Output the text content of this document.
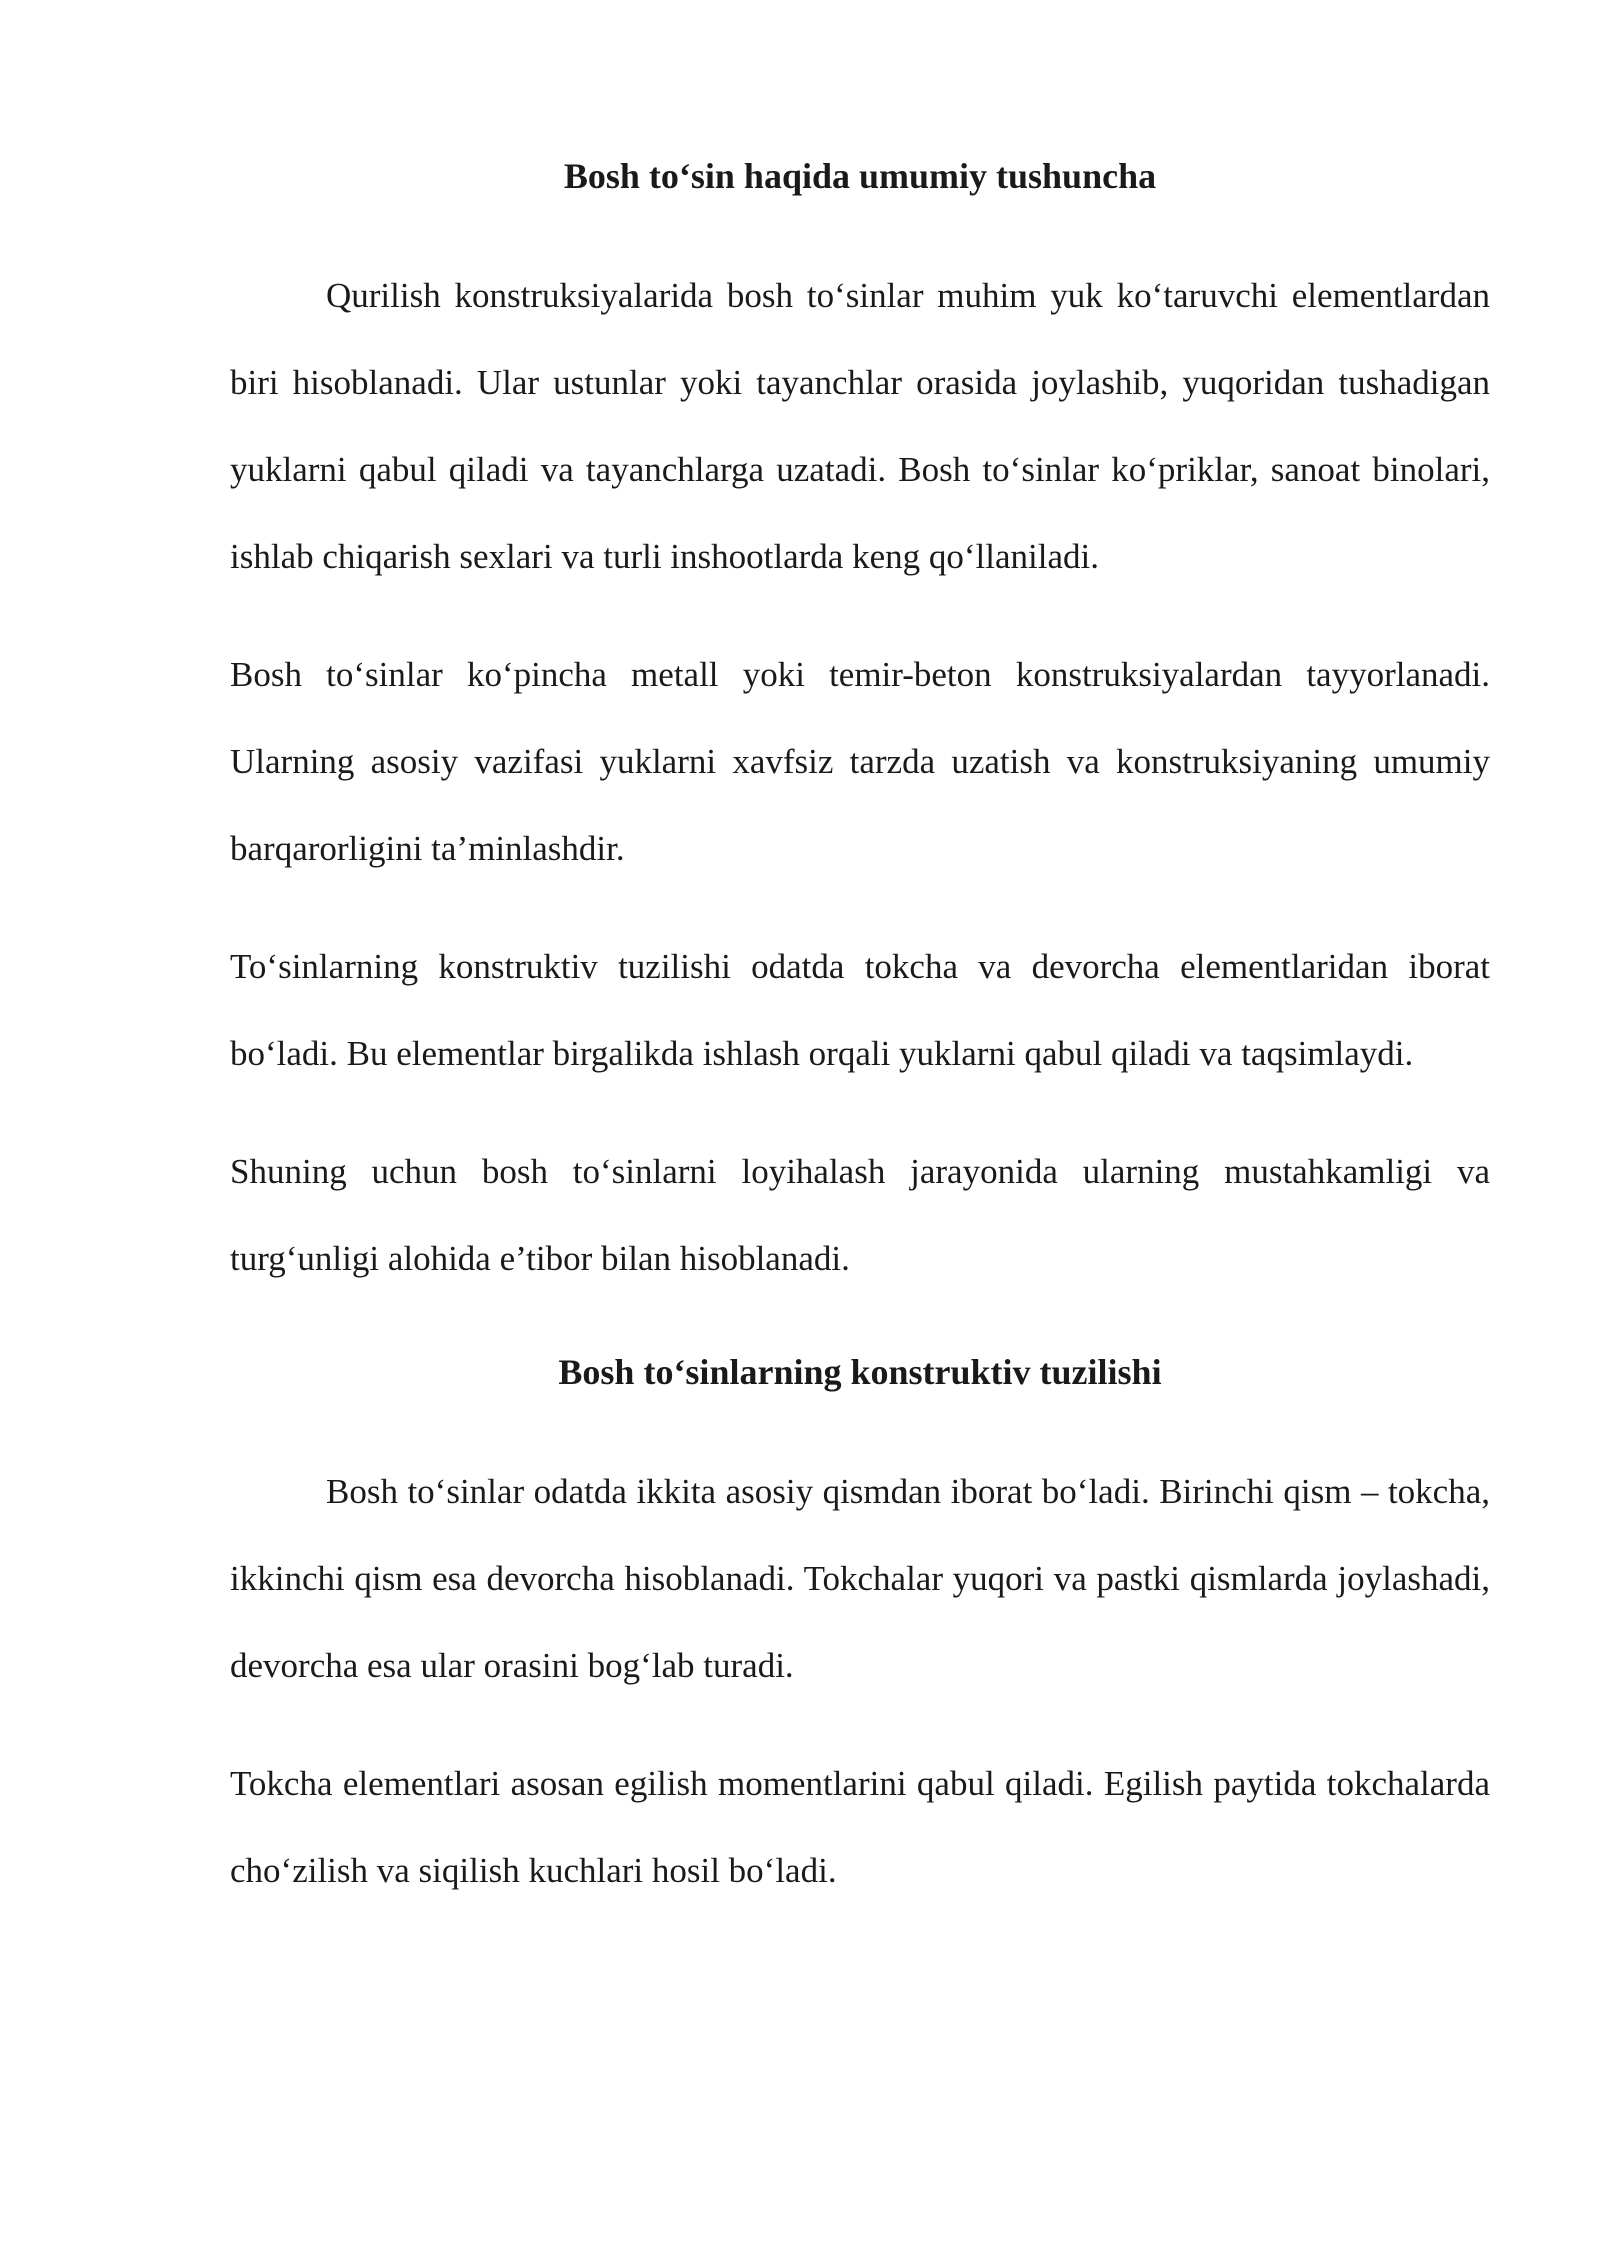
Bosh to‘sin haqida umumiy tushuncha

Qurilish konstruksiyalarida bosh to‘sinlar muhim yuk ko‘taruvchi elementlardan biri hisoblanadi. Ular ustunlar yoki tayanchlar orasida joylashib, yuqoridan tushadigan yuklarni qabul qiladi va tayanchlarga uzatadi. Bosh to‘sinlar ko‘priklar, sanoat binolari, ishlab chiqarish sexlari va turli inshootlarda keng qo‘llaniladi.

Bosh to‘sinlar ko‘pincha metall yoki temir-beton konstruksiyalardan tayyorlanadi. Ularning asosiy vazifasi yuklarni xavfsiz tarzda uzatish va konstruksiyaning umumiy barqarorligini ta’minlashdir.

To‘sinlarning konstruktiv tuzilishi odatda tokcha va devorcha elementlaridan iborat bo‘ladi. Bu elementlar birgalikda ishlash orqali yuklarni qabul qiladi va taqsimlaydi.

Shuning uchun bosh to‘sinlarni loyihalash jarayonida ularning mustahkamligi va turg‘unligi alohida e’tibor bilan hisoblanadi.

Bosh to‘sinlarning konstruktiv tuzilishi

Bosh to‘sinlar odatda ikkita asosiy qismdan iborat bo‘ladi. Birinchi qism – tokcha, ikkinchi qism esa devorcha hisoblanadi. Tokchalar yuqori va pastki qismlarda joylashadi, devorcha esa ular orasini bog‘lab turadi.

Tokcha elementlari asosan egilish momentlarini qabul qiladi. Egilish paytida tokchalarda cho‘zilish va siqilish kuchlari hosil bo‘ladi.
